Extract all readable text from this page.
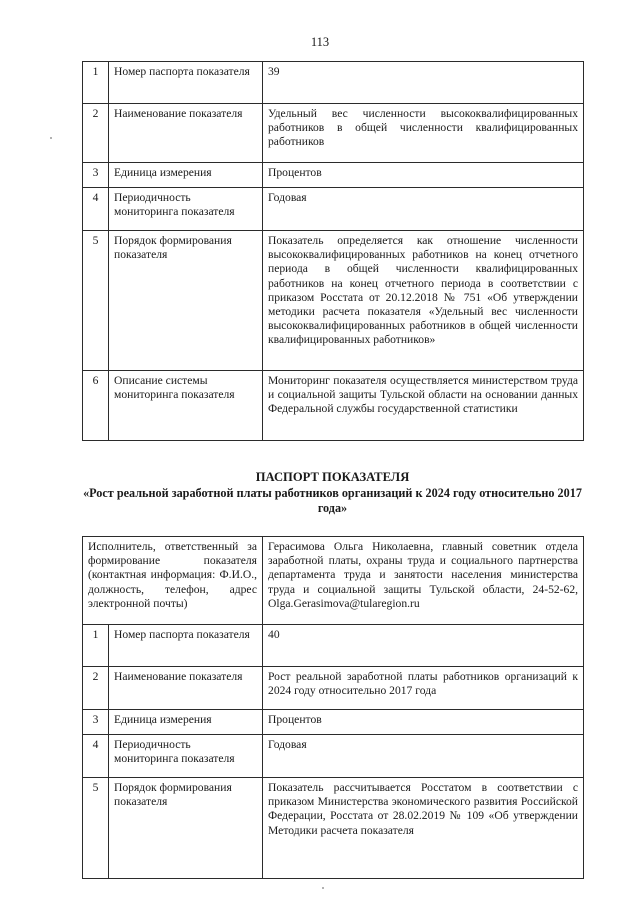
113
1	Номер паспорта показателя	39
2	Наименование показателя	Удельный вес численности высококвалифицированных работников в общей численности квалифицированных работников
3	Единица измерения	Процентов
4	Периодичность мониторинга показателя	Годовая
5	Порядок формирования показателя	Показатель определяется как отношение численности высококвалифицированных работников на конец отчетного периода в общей численности квалифицированных работников на конец отчетного периода в соответствии с приказом Росстата от 20.12.2018 № 751 «Об утверждении методики расчета показателя «Удельный вес численности высококвалифицированных работников в общей численности квалифицированных работников»
6	Описание системы мониторинга показателя	Мониторинг показателя осуществляется министерством труда и социальной защиты Тульской области на основании данных Федеральной службы государственной статистики
ПАСПОРТ ПОКАЗАТЕЛЯ
«Рост реальной заработной платы работников организаций к 2024 году относительно 2017 года»
Исполнитель, ответственный за формирование показателя (контактная информация: Ф.И.О., должность, телефон, адрес электронной почты)		Герасимова Ольга Николаевна, главный советник отдела заработной платы, охраны труда и социального партнерства департамента труда и занятости населения министерства труда и социальной защиты Тульской области, 24-52-62, Olga.Gerasimova@tularegion.ru
1	Номер паспорта показателя	40
2	Наименование показателя	Рост реальной заработной платы работников организаций к 2024 году относительно 2017 года
3	Единица измерения	Процентов
4	Периодичность мониторинга показателя	Годовая
5	Порядок формирования показателя	Показатель рассчитывается Росстатом в соответствии с приказом Министерства экономического развития Российской Федерации, Росстата от 28.02.2019 № 109 «Об утверждении Методики расчета показателя
